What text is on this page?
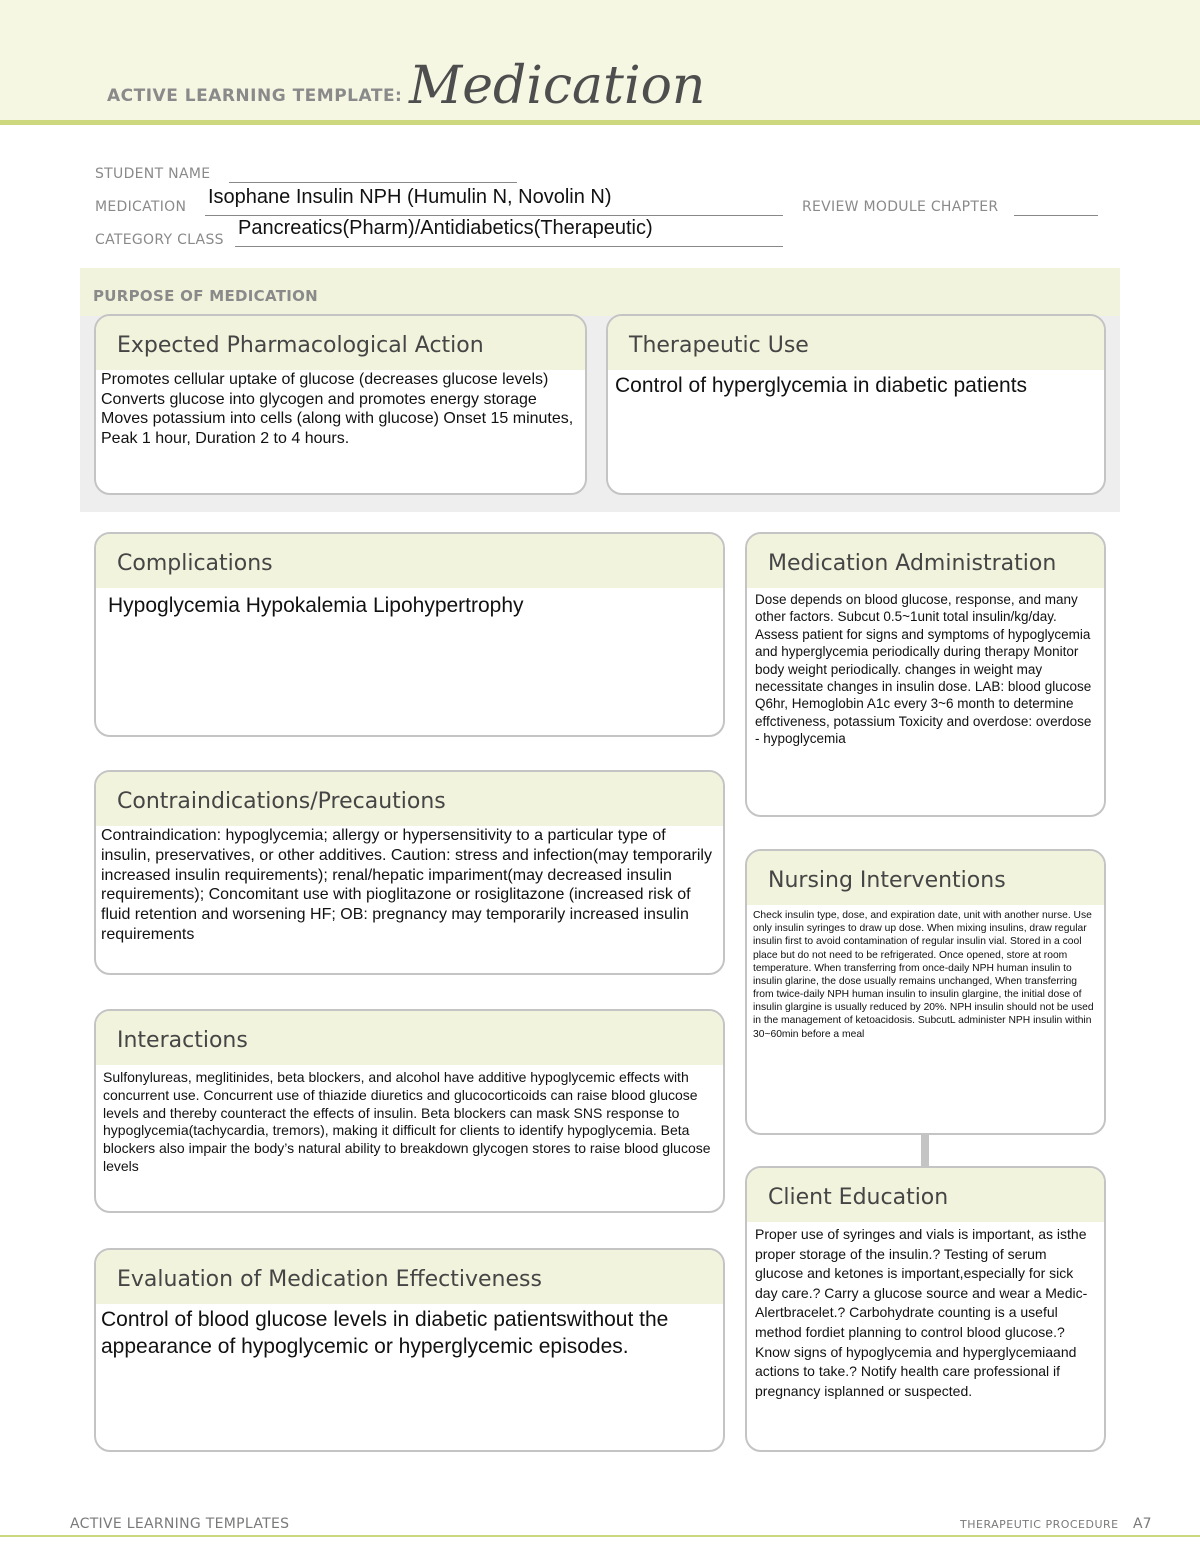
ACTIVE LEARNING TEMPLATE: Medication
STUDENT NAME
MEDICATION Isophane Insulin NPH (Humulin N, Novolin N)	REVIEW MODULE CHAPTER
CATEGORY CLASS
Pancreatics(Pharm)/Antidiabetics(Therapeutic)
PURPOSE OF MEDICATION
Expected Pharmacological Action
Promotes cellular uptake of glucose (decreases glucose levels) Converts glucose into glycogen and promotes energy storage Moves potassium into cells (along with glucose) Onset 15 minutes, Peak 1 hour, Duration 2 to 4 hours.
Therapeutic Use
Control of hyperglycemia in diabetic patients
Complications
Hypoglycemia Hypokalemia Lipohypertrophy
Contraindications/Precautions
Contraindication: hypoglycemia; allergy or hypersensitivity to a particular type of insulin, preservatives, or other additives. Caution: stress and infection(may temporarily increased insulin requirements); renal/hepatic impariment(may decreased insulin requirements); Concomitant use with pioglitazone or rosiglitazone (increased risk of fluid retention and worsening HF; OB: pregnancy may temporarily increased insulin requirements
Interactions
Sulfonylureas, meglitinides, beta blockers, and alcohol have additive hypoglycemic effects with concurrent use. Concurrent use of thiazide diuretics and glucocorticoids can raise blood glucose levels and thereby counteract the effects of insulin. Beta blockers can mask SNS response to hypoglycemia(tachycardia, tremors), making it difficult for clients to identify hypoglycemia. Beta blockers also impair the body’s natural ability to breakdown glycogen stores to raise blood glucose levels
Evaluation of Medication Effectiveness
Control of blood glucose levels in diabetic patientswithout the appearance of hypoglycemic or hyperglycemic episodes.
Medication Administration
Dose depends on blood glucose, response, and many other factors. Subcut 0.5~1unit total insulin/kg/day. Assess patient for signs and symptoms of hypoglycemia and hyperglycemia periodically during therapy Monitor body weight periodically. changes in weight may necessitate changes in insulin dose. LAB: blood glucose Q6hr, Hemoglobin A1c every 3~6 month to determine effctiveness, potassium Toxicity and overdose: overdose - hypoglycemia
Nursing Interventions
Check insulin type, dose, and expiration date, unit with another nurse. Use only insulin syringes to draw up dose. When mixing insulins, draw regular insulin first to avoid contamination of regular insulin vial. Stored in a cool place but do not need to be refrigerated. Once opened, store at room temperature. When transferring from once-daily NPH human insulin to insulin glarine, the dose usually remains unchanged, When transferring from twice-daily NPH human insulin to insulin glargine, the initial dose of insulin glargine is usually reduced by 20%. NPH insulin should not be used in the management of ketoacidosis. SubcutL administer NPH insulin within 30~60min before a meal
Client Education
Proper use of syringes and vials is important, as isthe proper storage of the insulin.? Testing of serum glucose and ketones is important,especially for sick day care.? Carry a glucose source and wear a Medic-Alertbracelet.? Carbohydrate counting is a useful method fordiet planning to control blood glucose.? Know signs of hypoglycemia and hyperglycemiaand actions to take.? Notify health care professional if pregnancy isplanned or suspected.
ACTIVE LEARNING TEMPLATES	THERAPEUTIC PROCEDURE A7
